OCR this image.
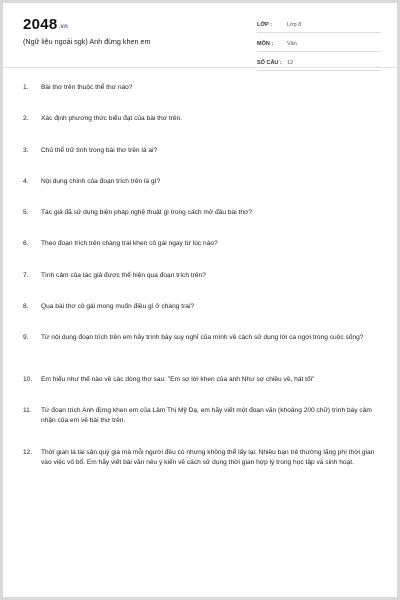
2048.vn
(Ngữ liệu ngoài sgk) Anh đừng khen em
LỚP :	Lớp 8
MÔN :	Văn
SỐ CÂU : 12
1.	Bài thơ trên thuộc thể thơ nào?
2.	Xác định phương thức biểu đạt của bài thơ trên.
3.	Chủ thể trữ tình trong bài thơ trên là ai?
4.	Nội dung chính của đoạn trích trên là gì?
5.	Tác giả đã sử dụng biện pháp nghệ thuật gì trong cách mở đầu bài thơ?
6.	Theo đoạn trích trên chàng trai khen cô gái ngay từ lúc nào?
7.	Tình cảm của tác giả được thể hiện qua đoạn trích trên?
8.	Qua bài thơ cô gái mong muốn điều gì ở chàng trai?
9.	Từ nội dung đoạn trích trên em hãy trình bày suy nghĩ của mình về cách sử dụng lời ca ngợi trong cuộc sống?
10.	Em hiểu như thế nào về các dòng thơ sau: "Em sợ lời khen của anh Như sợ chiều về, hát tối"
11.	Từ đoạn trích Anh đừng khen em của Lâm Thị Mỹ Dạ, em hãy viết một đoạn văn (khoảng 200 chữ) trình bày cảm nhận của em về bài thơ trên.
12.	Thời gian là tài sản quý giá mà mỗi người đều có nhưng không thể lấy lại. Nhiều bạn trẻ thường lãng phí thời gian vào việc vô bổ. Em hãy viết bài văn nêu ý kiến về cách sử dụng thời gian hợp lý trong học tập và sinh hoạt.
